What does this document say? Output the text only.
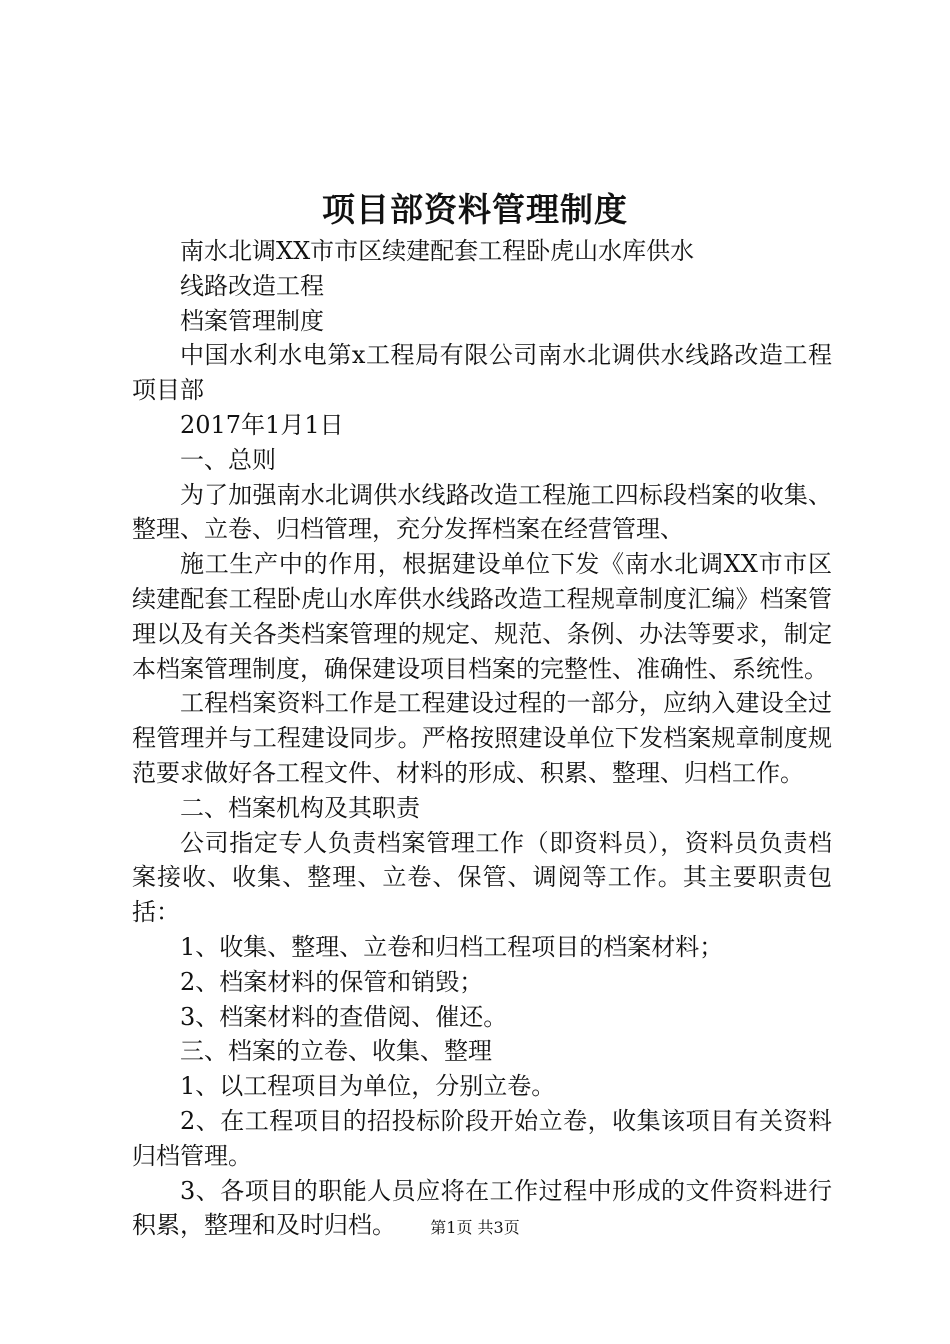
项目部资料管理制度

南水北调XX市市区续建配套工程卧虎山水库供水

线路改造工程

档案管理制度

中国水利水电第x工程局有限公司南水北调供水线路改造工程项目部

2017年1月1日

一、总则

为了加强南水北调供水线路改造工程施工四标段档案的收集、整理、立卷、归档管理，充分发挥档案在经营管理、

施工生产中的作用，根据建设单位下发《南水北调XX市市区续建配套工程卧虎山水库供水线路改造工程规章制度汇编》档案管理以及有关各类档案管理的规定、规范、条例、办法等要求，制定本档案管理制度，确保建设项目档案的完整性、准确性、系统性。

工程档案资料工作是工程建设过程的一部分，应纳入建设全过程管理并与工程建设同步。严格按照建设单位下发档案规章制度规范要求做好各工程文件、材料的形成、积累、整理、归档工作。

二、档案机构及其职责

公司指定专人负责档案管理工作（即资料员），资料员负责档案接收、收集、整理、立卷、保管、调阅等工作。其主要职责包括：

1、收集、整理、立卷和归档工程项目的档案材料；

2、档案材料的保管和销毁；

3、档案材料的查借阅、催还。

三、档案的立卷、收集、整理

1、以工程项目为单位，分别立卷。

2、在工程项目的招投标阶段开始立卷，收集该项目有关资料归档管理。

3、各项目的职能人员应将在工作过程中形成的文件资料进行积累，整理和及时归档。	第1页 共3页
